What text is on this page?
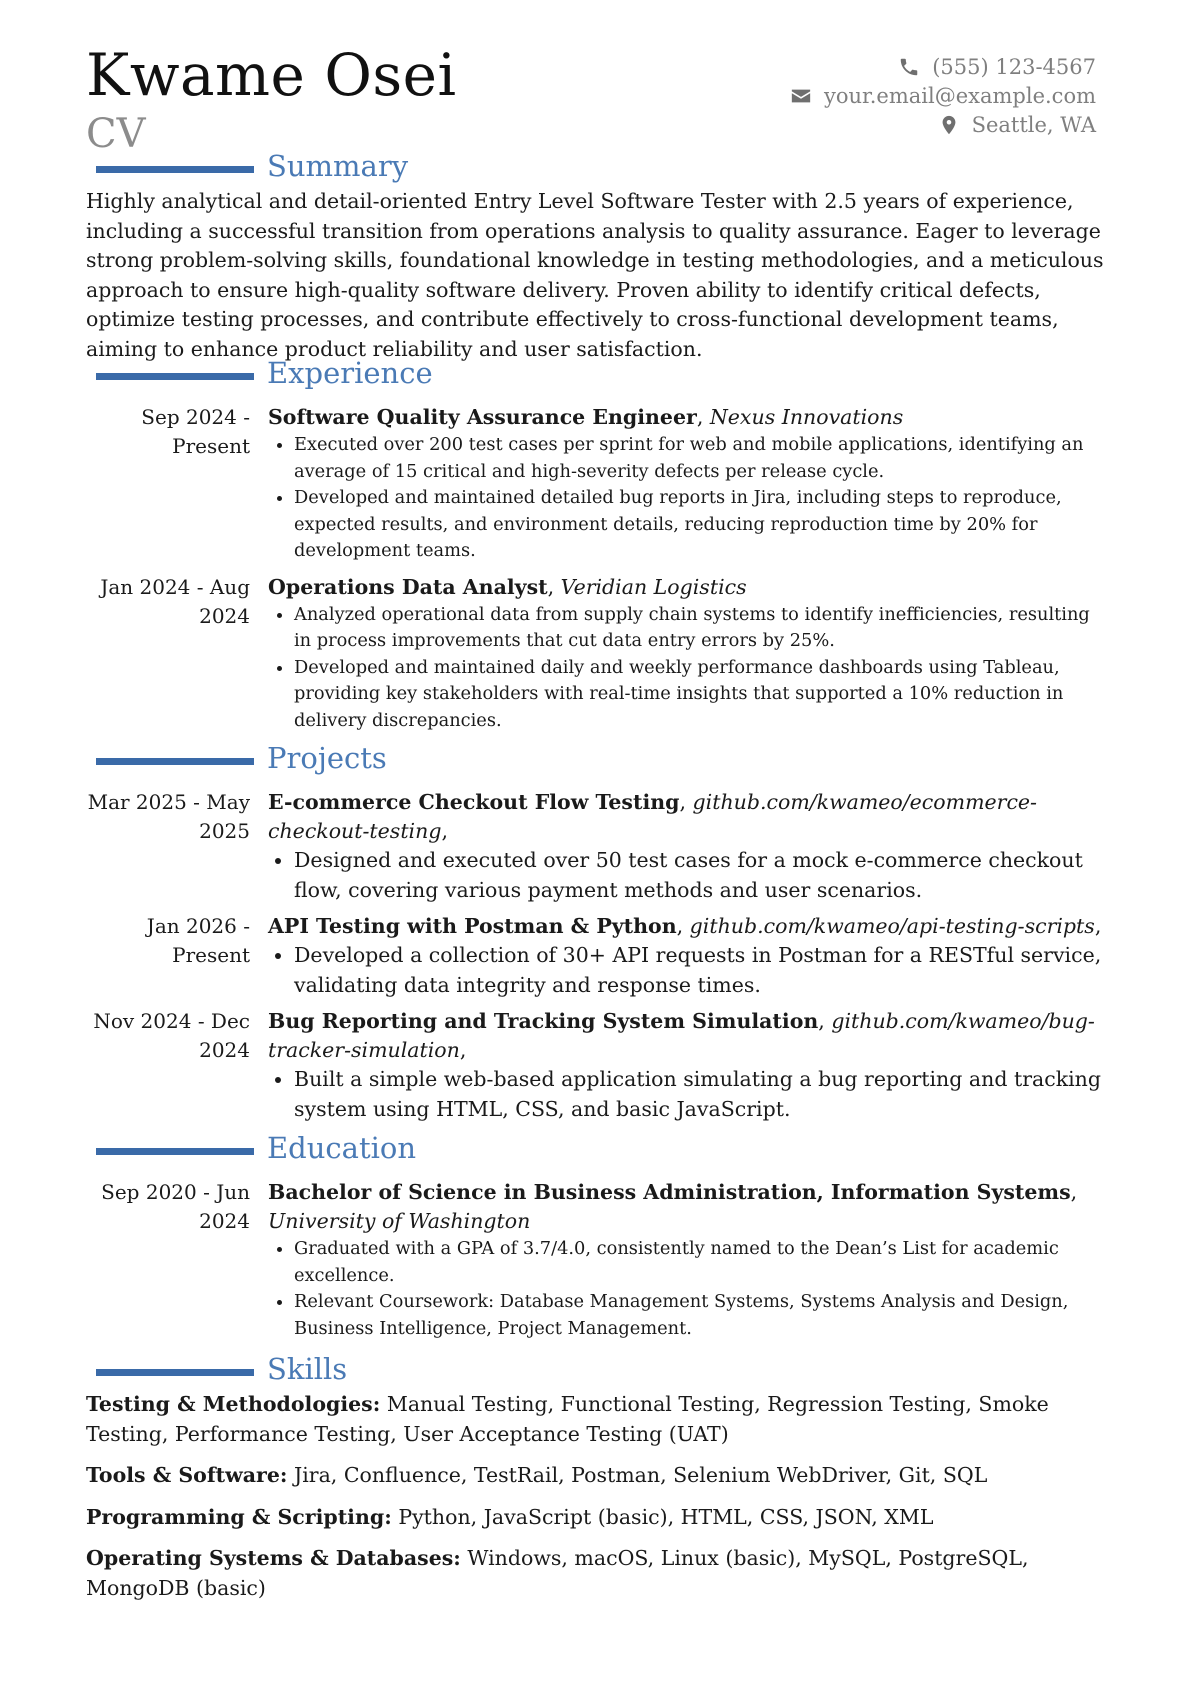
Kwame Osei
CV
(555) 123-4567
your.email@example.com
Seattle, WA
Summary

Highly analytical and detail-oriented Entry Level Software Tester with 2.5 years of experience, including a successful transition from operations analysis to quality assurance. Eager to leverage strong problem-solving skills, foundational knowledge in testing methodologies, and a meticulous approach to ensure high-quality software delivery. Proven ability to identify critical defects, optimize testing processes, and contribute effectively to cross-functional development teams, aiming to enhance product reliability and user satisfaction.

Experience
Sep 2024 - Present
Software Quality Assurance Engineer, Nexus Innovations
• Executed over 200 test cases per sprint for web and mobile applications, identifying an average of 15 critical and high-severity defects per release cycle.
• Developed and maintained detailed bug reports in Jira, including steps to reproduce, expected results, and environment details, reducing reproduction time by 20% for development teams.
Jan 2024 - Aug 2024
Operations Data Analyst, Veridian Logistics
• Analyzed operational data from supply chain systems to identify inefficiencies, resulting in process improvements that cut data entry errors by 25%.
• Developed and maintained daily and weekly performance dashboards using Tableau, providing key stakeholders with real-time insights that supported a 10% reduction in delivery discrepancies.
Projects
Mar 2025 - May 2025
E-commerce Checkout Flow Testing, github.com/kwameo/ecommerce-checkout-testing,
• Designed and executed over 50 test cases for a mock e-commerce checkout flow, covering various payment methods and user scenarios.
Jan 2026 - Present
API Testing with Postman & Python, github.com/kwameo/api-testing-scripts,
• Developed a collection of 30+ API requests in Postman for a RESTful service, validating data integrity and response times.
Nov 2024 - Dec 2024
Bug Reporting and Tracking System Simulation, github.com/kwameo/bug-tracker-simulation,
• Built a simple web-based application simulating a bug reporting and tracking system using HTML, CSS, and basic JavaScript.
Education
Sep 2020 - Jun 2024
Bachelor of Science in Business Administration, Information Systems, University of Washington
• Graduated with a GPA of 3.7/4.0, consistently named to the Dean’s List for academic excellence.
• Relevant Coursework: Database Management Systems, Systems Analysis and Design, Business Intelligence, Project Management.
Skills

Testing & Methodologies: Manual Testing, Functional Testing, Regression Testing, Smoke Testing, Performance Testing, User Acceptance Testing (UAT)

Tools & Software: Jira, Confluence, TestRail, Postman, Selenium WebDriver, Git, SQL

Programming & Scripting: Python, JavaScript (basic), HTML, CSS, JSON, XML

Operating Systems & Databases: Windows, macOS, Linux (basic), MySQL, PostgreSQL, MongoDB (basic)
